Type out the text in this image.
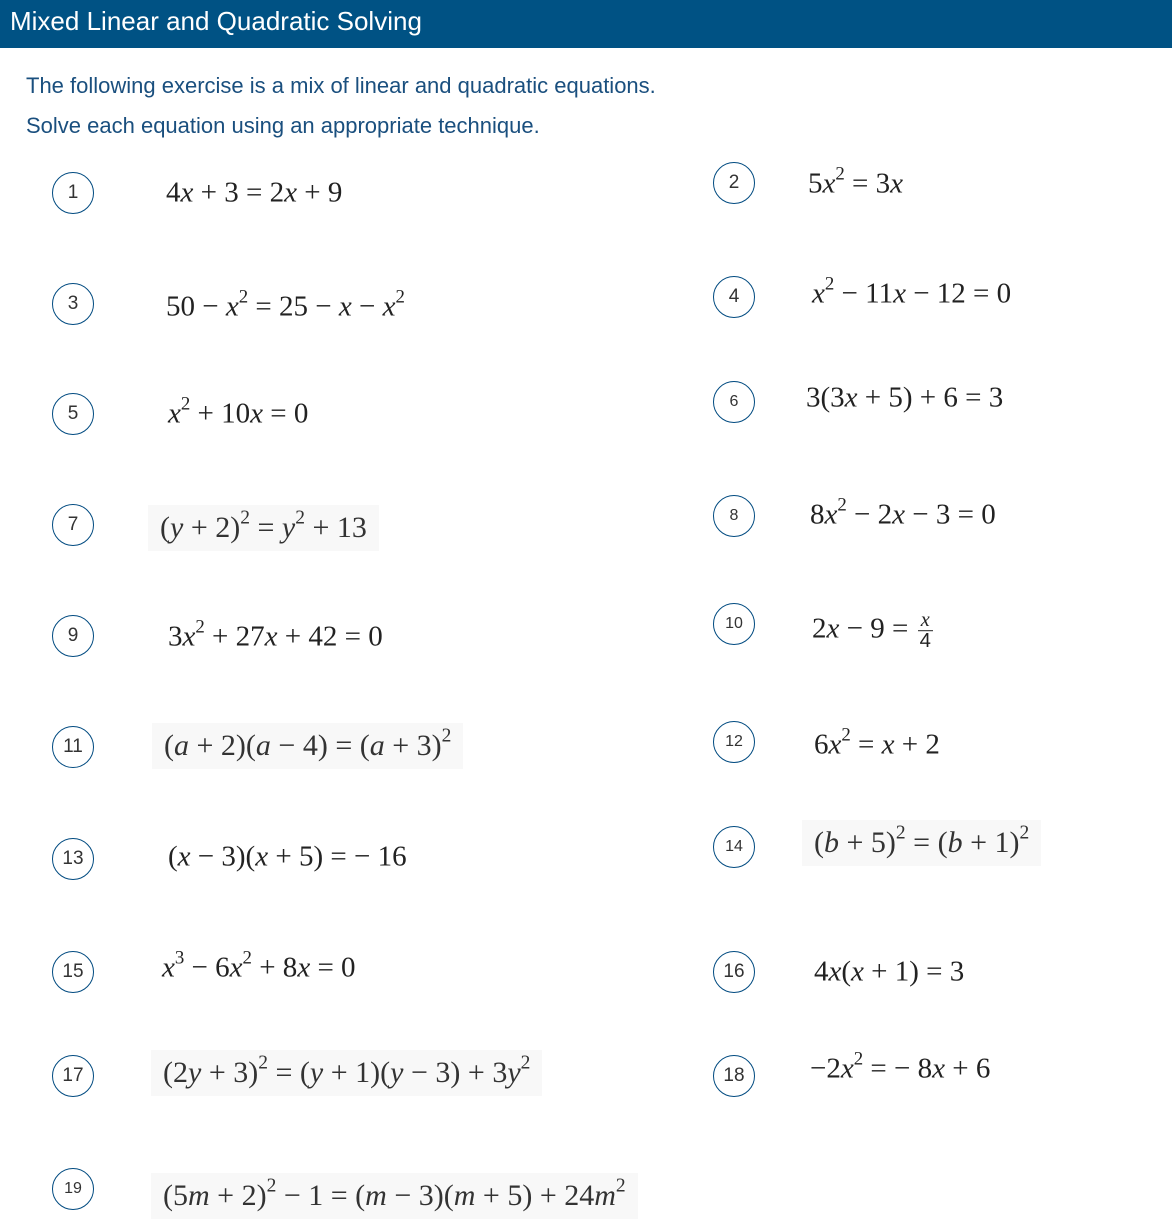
Mixed Linear and Quadratic Solving
The following exercise is a mix of linear and quadratic equations.
Solve each equation using an appropriate technique.
1	2
3	4
5
6
7	8
9
10
11	12
13
14
15	16
17	18
19
4x + 3 = 2x + 9	$5x^2 = 3x$
$50 - x^2 = 25 - x - x^2$	$x^2 - 11x - 12 = 0$
$x^2 + 10x = 0$	3(3x + 5) + 6 = 3
$(y + 2)^2 = y^2 + 13$	$8x^2 - 2x - 3 = 0$
$3x^2 + 27x + 42 = 0$	$2x - 9 = \frac{x}{4}$
$(a + 2)(a - 4) = (a + 3)^2$	$6x^2 = x + 2$
(x − 3)(x + 5) = − 16	$(b + 5)^2 = (b + 1)^2$
$x^3 - 6x^2 + 8x = 0$	4x(x + 1) = 3
$(2y + 3)^2 = (y + 1)(y - 3) + 3y^2$	$-2x^2$ = − 8x + 6
$(5m + 2)^2 - 1 = (m - 3)(m + 5) + 24m^2$
